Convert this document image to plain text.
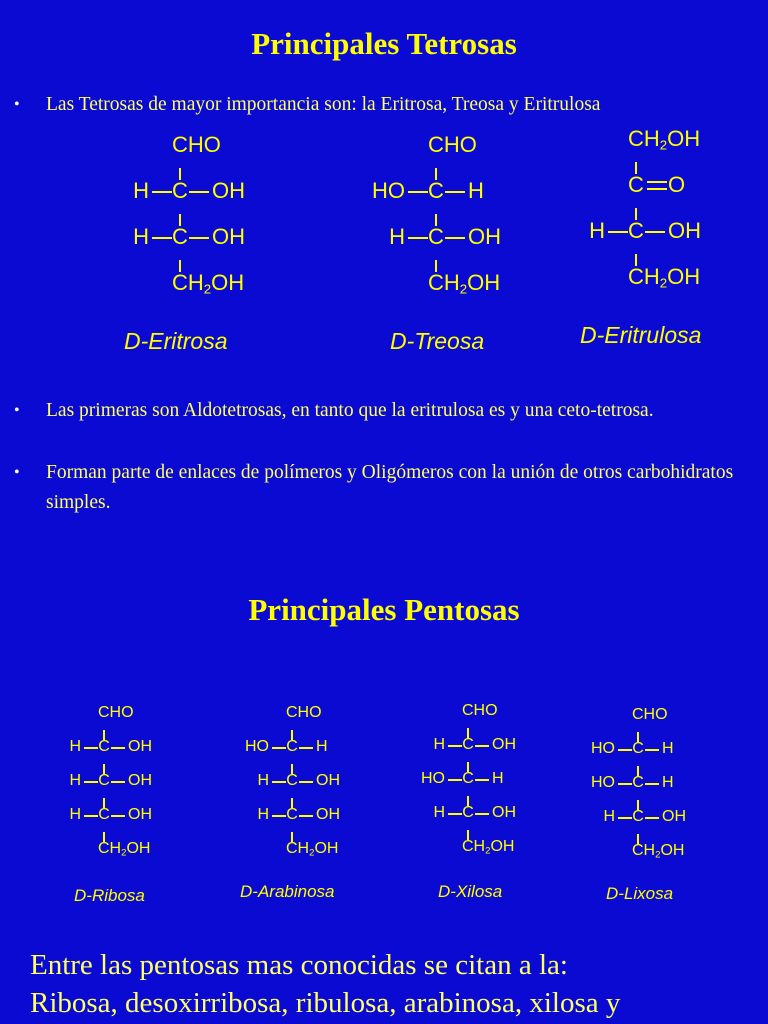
Principales Tetrosas
• Las Tetrosas de mayor importancia son: la Eritrosa, Treosa y Eritrulosa
CHO
C
H	OH
C
H	OH
$CH_2OH$
CHO
C
HO	H
C
H	OH
$CH_2OH$
$CH_2OH$
C O
C
H	OH
$CH_2OH$
D-Eritrosa	D-Treosa	D-Eritrulosa
• Las primeras son Aldotetrosas, en tanto que la eritrulosa es y una ceto-tetrosa.
• Forman parte de enlaces de polímeros y Oligómeros con la unión de otros carbohidratos simples.
Principales Pentosas
CHO
C
H	OH
C
H	OH
C
H	OH
$CH_2OH$
CHO
C
HO	H
C
H	OH
C
H	OH
$CH_2OH$
CHO
C
H	OH
C
HO	H
C
H	OH
$CH_2OH$
CHO
C
HO	H
C
HO	H
C
H	OH
$CH_2OH$
D-Ribosa	D-Arabinosa	D-Xilosa	D-Lixosa
Entre las pentosas mas conocidas se citan a la:
Ribosa, desoxirribosa, ribulosa, arabinosa, xilosa y
